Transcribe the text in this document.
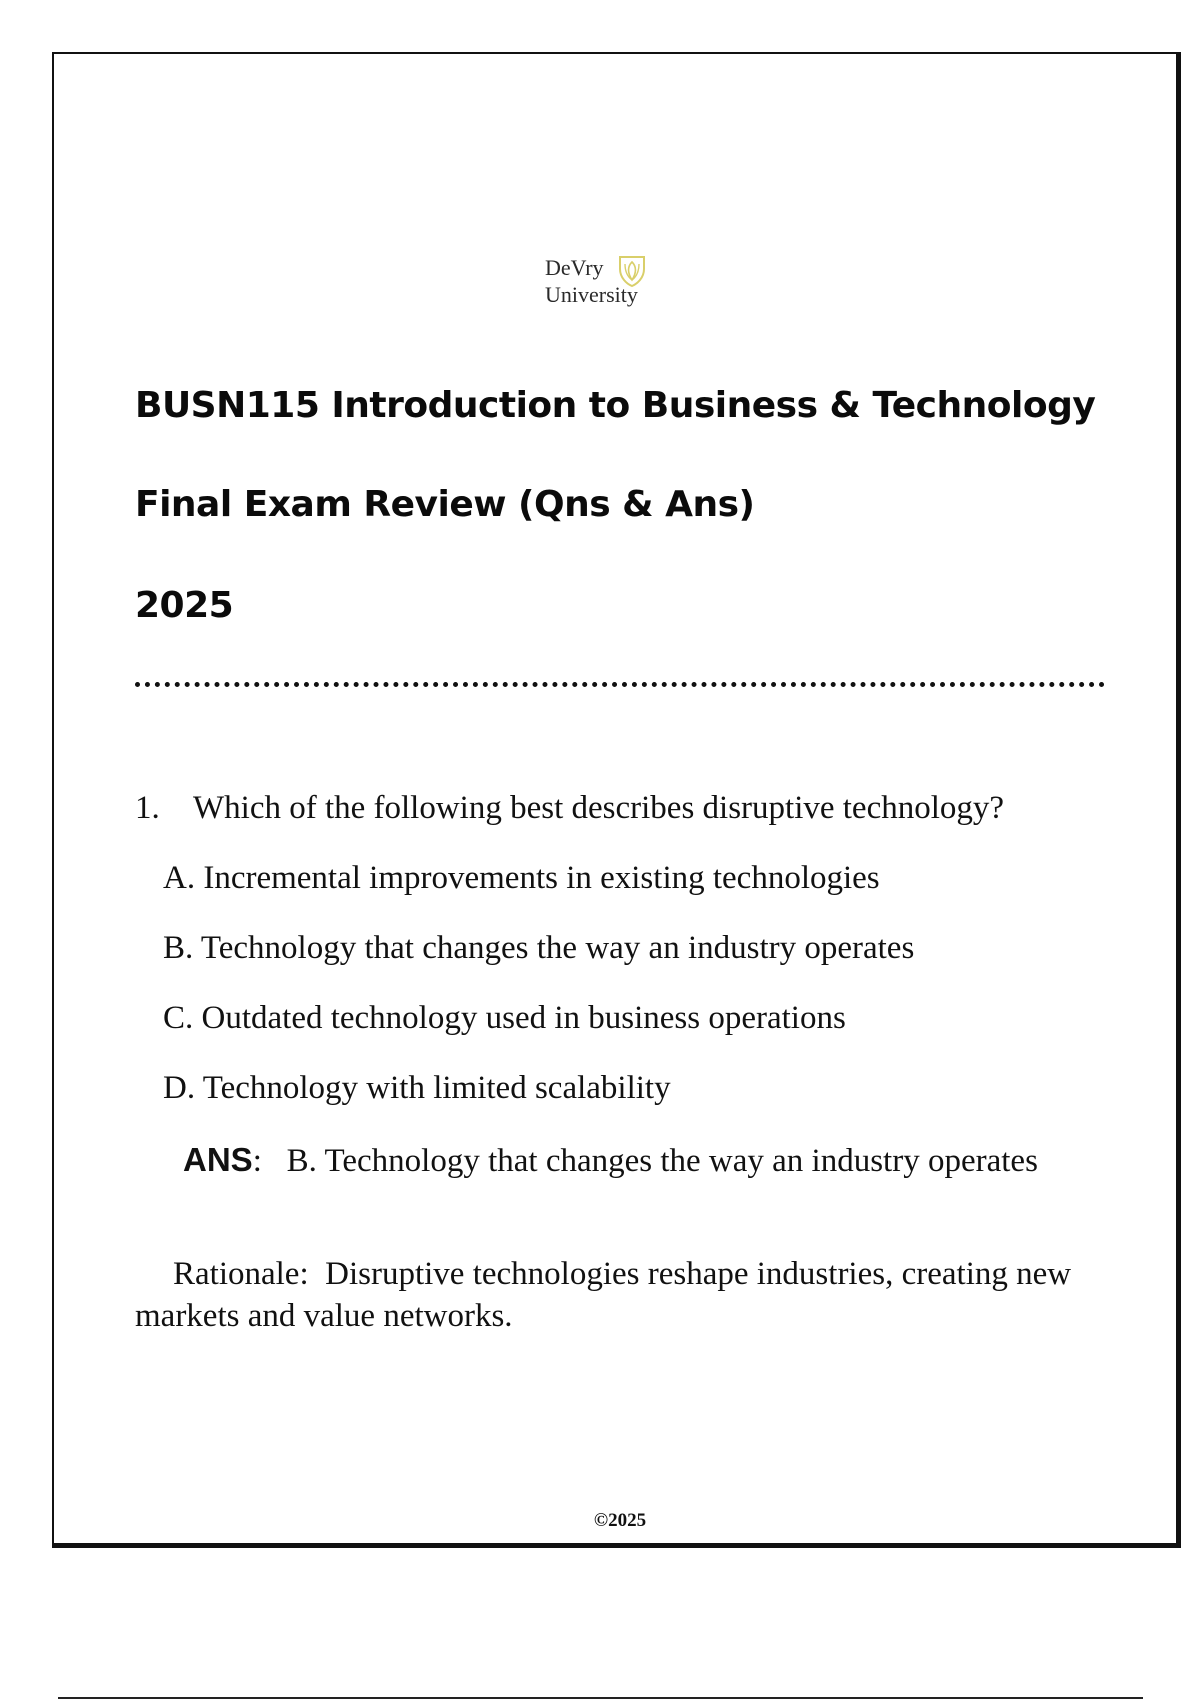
DeVry
University
BUSN115 Introduction to Business & Technology
Final Exam Review (Qns & Ans)
2025
1. Which of the following best describes disruptive technology?
A. Incremental improvements in existing technologies
B. Technology that changes the way an industry operates
C. Outdated technology used in business operations
D. Technology with limited scalability
ANS:   B. Technology that changes the way an industry operates
Rationale: Disruptive technologies reshape industries, creating new markets and value networks.
©2025
